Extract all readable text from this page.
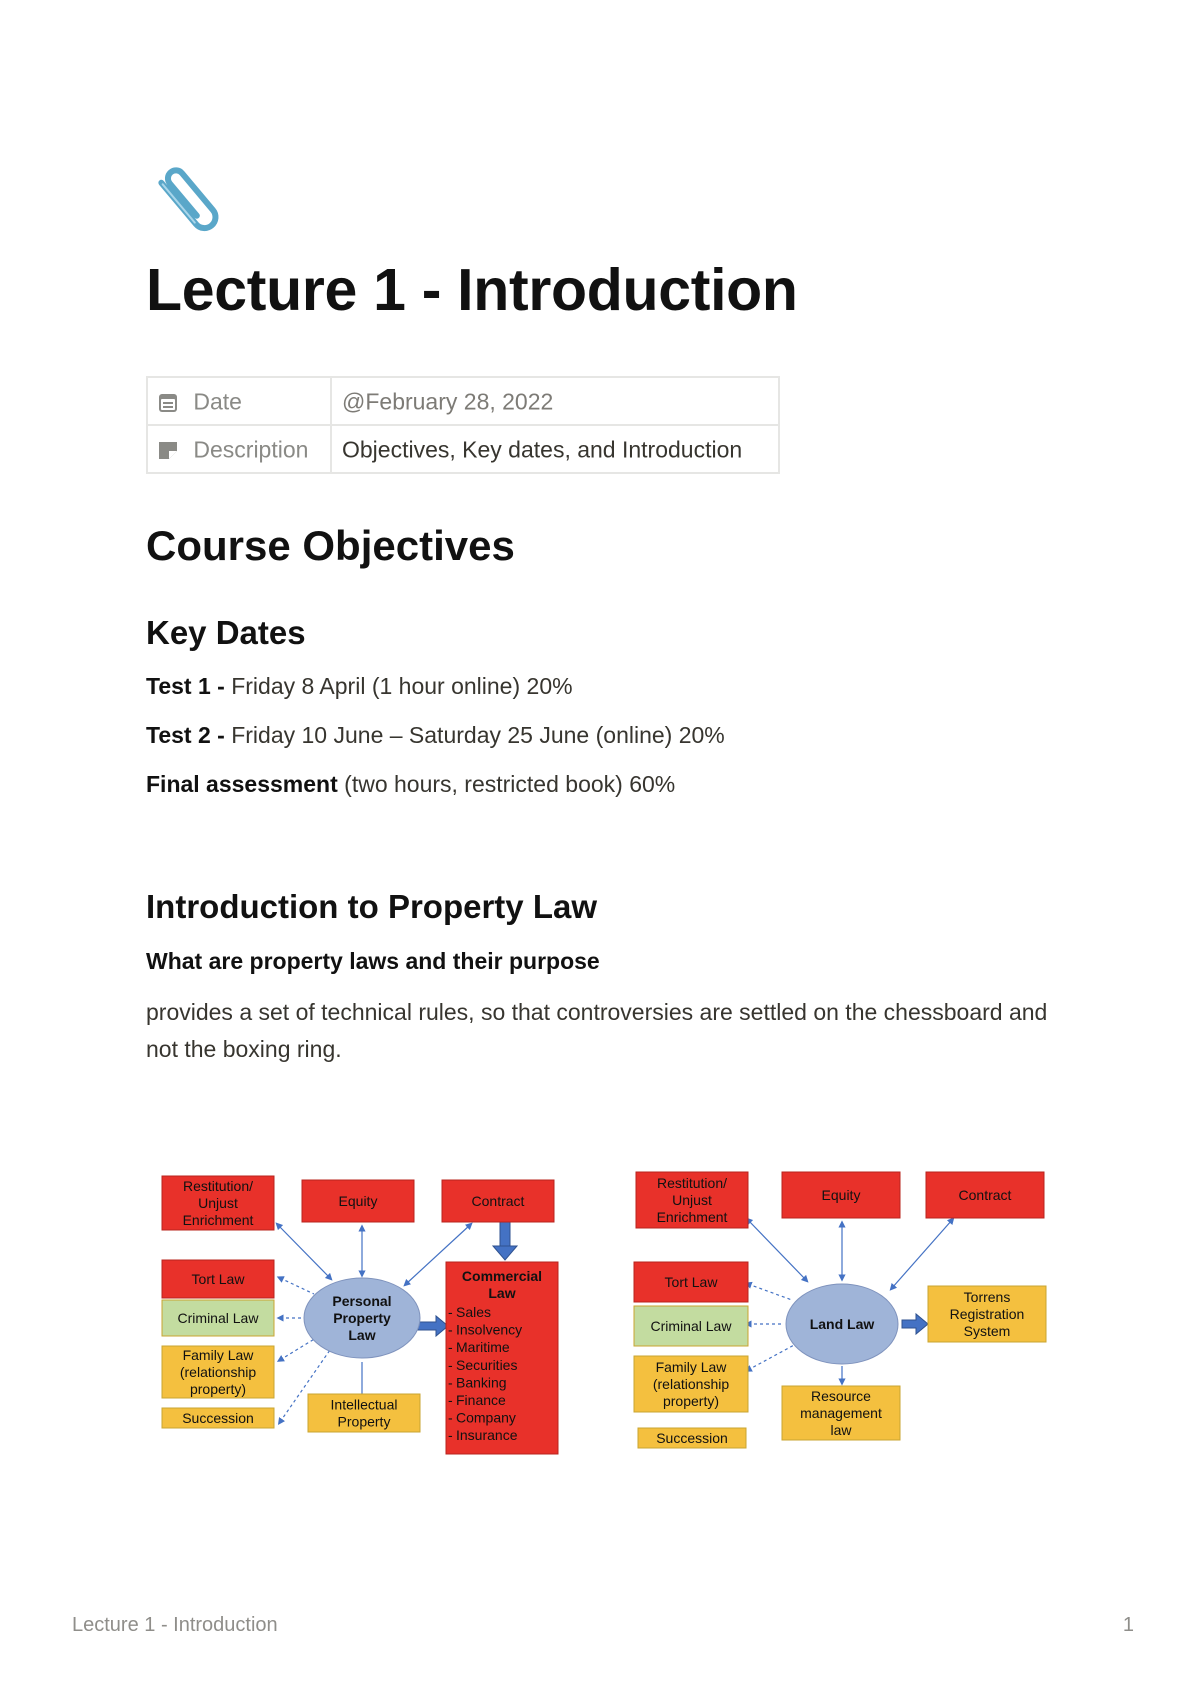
Lecture 1 - Introduction
Date	@February 28, 2022
Description	Objectives, Key dates, and Introduction
Course Objectives
Key Dates

Test 1 - Friday 8 April (1 hour online) 20%

Test 2 - Friday 10 June – Saturday 25 June (online) 20%

Final assessment (two hours, restricted book) 60%

Introduction to Property Law

What are property laws and their purpose

provides a set of technical rules, so that controversies are settled on the chessboard and not the boxing ring.

Restitution/
Unjust
Enrichment
Equity	Contract
Tort Law
Criminal Law
Family Law
(relationship
property)
Succession
Intellectual
Property
Personal
Property
Law
Commercial
Law
Sales
-
Insolvency
-
Maritime
-
Securities
-
Banking
-
Finance
-
Company
-
Insurance
-
Restitution/
Unjust
Enrichment
Equity	Contract
Tort Law
Criminal Law
Family Law
(relationship
property)
Succession
Land Law
Torrens
Registration
System
Resource
management
law
Lecture 1 - Introduction	1
